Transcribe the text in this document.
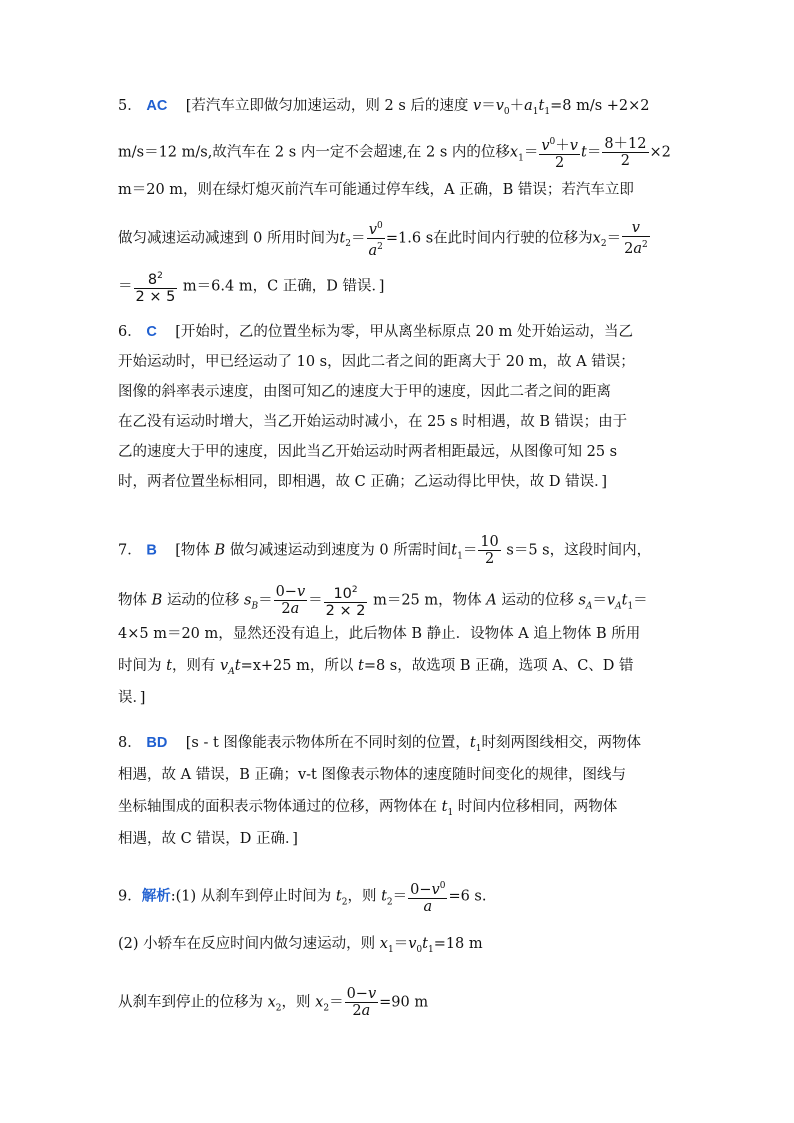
5． AC [若汽车立即做匀加速运动，则 2 s 后的速度 $v=v_0+a_1t_1=8$ m/s +2×2
m/s＝12 m/s,故汽车在 2 s 内一定不会超速,在 2 s 内的位移$x_1= \frac{v^0+v}{2} t= \frac{8+12}{2} \times 2$
m＝20 m，则在绿灯熄灭前汽车可能通过停车线，A 正确，B 错误；若汽车立即
做匀减速运动减速到 0 所用时间为$t_2= \frac{v^0}{a^2} =1.6$ s在此时间内行驶的位移为$x_2= \frac{v}{2a^2}$
＝ $\frac{8^2}{2 \times 5} m=6.4$ m，C 正确，D 错误．]
6． C [开始时，乙的位置坐标为零，甲从离坐标原点 20 m 处开始运动，当乙
开始运动时，甲已经运动了 10 s，因此二者之间的距离大于 20 m，故 A 错误；
图像的斜率表示速度，由图可知乙的速度大于甲的速度，因此二者之间的距离
在乙没有运动时增大，当乙开始运动时减小，在 25 s 时相遇，故 B 错误；由于
乙的速度大于甲的速度，因此当乙开始运动时两者相距最远，从图像可知 25 s
时，两者位置坐标相同，即相遇，故 C 正确；乙运动得比甲快，故 D 错误．]
7． B [物体 B 做匀减速运动到速度为 0 所需时间$t_1= \frac{10}{2} s=5$ s，这段时间内，
物体 B 运动的位移 $s_B= \frac{0-v}{2a} = \frac{10^2}{2 \times 2} m=25$ m，物体 A 运动的位移 $s_A=v_At_1=$
4×5 m＝20 m，显然还没有追上，此后物体 B 静止．设物体 A 追上物体 B 所用
时间为 t，则有 $v_At=x+25$ m，所以 t=8 s，故选项 B 正确，选项 A、C、D 错
误．]
8． BD [s - t 图像能表示物体所在不同时刻的位置，$t_1$时刻两图线相交，两物体
相遇，故 A 错误，B 正确；v-t 图像表示物体的速度随时间变化的规律，图线与
坐标轴围成的面积表示物体通过的位移，两物体在 $t_1$ 时间内位移相同，两物体
相遇，故 C 错误，D 正确．]
9．解析:(1) 从刹车到停止时间为 $t_2$，则 $t_2= \frac{0-v^0}{a} =6$ s.
(2) 小轿车在反应时间内做匀速运动，则 $x_1=v_0t_1=18$ m
从刹车到停止的位移为 $x_2$，则 $x_2= \frac{0-v}{2a} =90$ m
